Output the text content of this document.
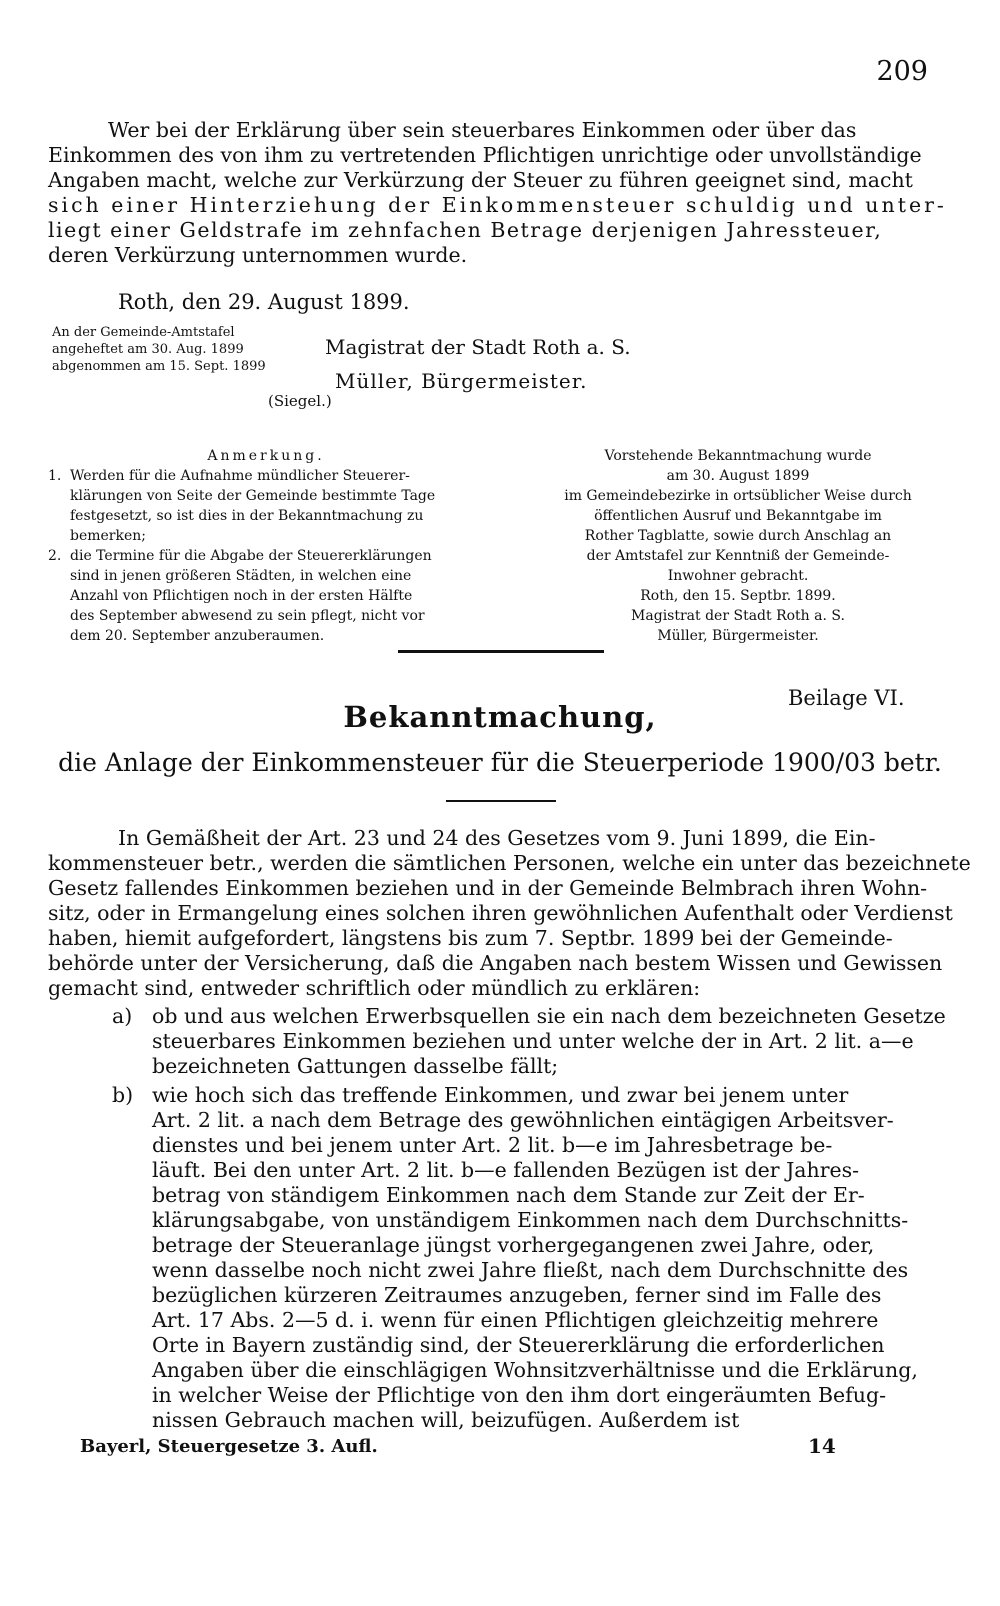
209
Wer bei der Erklärung über sein steuerbares Einkommen oder über das
Einkommen des von ihm zu vertretenden Pflichtigen unrichtige oder unvollständige
Angaben macht, welche zur Verkürzung der Steuer zu führen geeignet sind, macht
sich einer Hinterziehung der Einkommensteuer schuldig und unter-
liegt einer Geldstrafe im zehnfachen Betrage derjenigen Jahressteuer,
deren Verkürzung unternommen wurde.
Roth, den 29. August 1899.
An der Gemeinde-Amtstafel
angeheftet am 30. Aug. 1899
abgenommen am 15. Sept. 1899
Magistrat der Stadt Roth a. S.
Müller, Bürgermeister.
(Siegel.)
Anmerkung.
1. Werden für die Aufnahme mündlicher Steuerer-
klärungen von Seite der Gemeinde bestimmte Tage
festgesetzt, so ist dies in der Bekanntmachung zu
bemerken;
2. die Termine für die Abgabe der Steuererklärungen
sind in jenen größeren Städten, in welchen eine
Anzahl von Pflichtigen noch in der ersten Hälfte
des September abwesend zu sein pflegt, nicht vor
dem 20. September anzuberaumen.
Vorstehende Bekanntmachung wurde
am 30. August 1899
im Gemeindebezirke in ortsüblicher Weise durch
öffentlichen Ausruf und Bekanntgabe im
Rother Tagblatte, sowie durch Anschlag an
der Amtstafel zur Kenntniß der Gemeinde-
Inwohner gebracht.
Roth, den 15. Septbr. 1899.
Magistrat der Stadt Roth a. S.
Müller, Bürgermeister.
Beilage VI.
Bekanntmachung,
die Anlage der Einkommensteuer für die Steuerperiode 1900/03 betr.
In Gemäßheit der Art. 23 und 24 des Gesetzes vom 9. Juni 1899, die Ein-
kommensteuer betr., werden die sämtlichen Personen, welche ein unter das bezeichnete
Gesetz fallendes Einkommen beziehen und in der Gemeinde Belmbrach ihren Wohn-
sitz, oder in Ermangelung eines solchen ihren gewöhnlichen Aufenthalt oder Verdienst
haben, hiemit aufgefordert, längstens bis zum 7. Septbr. 1899 bei der Gemeinde-
behörde unter der Versicherung, daß die Angaben nach bestem Wissen und Gewissen
gemacht sind, entweder schriftlich oder mündlich zu erklären:
a) ob und aus welchen Erwerbsquellen sie ein nach dem bezeichneten Gesetze
steuerbares Einkommen beziehen und unter welche der in Art. 2 lit. a—e
bezeichneten Gattungen dasselbe fällt;
b) wie hoch sich das treffende Einkommen, und zwar bei jenem unter
Art. 2 lit. a nach dem Betrage des gewöhnlichen eintägigen Arbeitsver-
dienstes und bei jenem unter Art. 2 lit. b—e im Jahresbetrage be-
läuft. Bei den unter Art. 2 lit. b—e fallenden Bezügen ist der Jahres-
betrag von ständigem Einkommen nach dem Stande zur Zeit der Er-
klärungsabgabe, von unständigem Einkommen nach dem Durchschnitts-
betrage der Steueranlage jüngst vorhergegangenen zwei Jahre, oder,
wenn dasselbe noch nicht zwei Jahre fließt, nach dem Durchschnitte des
bezüglichen kürzeren Zeitraumes anzugeben, ferner sind im Falle des
Art. 17 Abs. 2—5 d. i. wenn für einen Pflichtigen gleichzeitig mehrere
Orte in Bayern zuständig sind, der Steuererklärung die erforderlichen
Angaben über die einschlägigen Wohnsitzverhältnisse und die Erklärung,
in welcher Weise der Pflichtige von den ihm dort eingeräumten Befug-
nissen Gebrauch machen will, beizufügen. Außerdem ist
Bayerl, Steuergesetze 3. Aufl.	14
